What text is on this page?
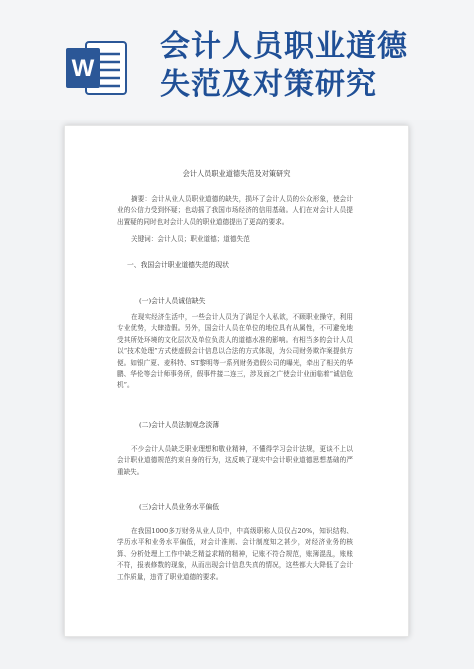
W
会计人员职业道德
失范及对策研究
会计人员职业道德失范及对策研究

摘要：会计从业人员职业道德的缺失，损坏了会计人员的公众形象，使会计业的公信力受到怀疑；也动摇了我国市场经济的信用基础。人们在对会计人员提出置疑的同时也对会计人员的职业道德提出了更高的要求。

关键词：会计人员；职业道德；道德失范

一、我国会计职业道德失范的现状
(一)会计人员诚信缺失

在现实经济生活中，一些会计人员为了满足个人私欲，不顾职业操守，利用专业优势，大肆造假。另外，国会计人员在单位的地位具有从属性，不可避免地受其所处环境的文化层次及单位负责人的道德水准的影响。有相当多的会计人员以“技术处理”方式使虚假会计信息以合法的方式体现，为公司财务欺诈案提供方便。如银广夏、麦科特、ST黎明等一系列财务造假公司的曝光，牵出了相关的华鹏、华伦等会计师事务所，假事件接二连三，涉及面之广使会计业面临着“诚信危机”。

(二)会计人员法制观念淡薄

不少会计人员缺乏职业理想和敬业精神，不懂得学习会计法规，更谈不上以会计职业道德规范约束自身的行为，这反映了现实中会计职业道德思想基础的严重缺失。

(三)会计人员业务水平偏低

在我国1000多万财务从业人员中，中高级职称人员仅占20%，知识结构、学历水平和业务水平偏低，对会计准则、会计制度知之甚少，对经济业务的核算、分析处理上工作中缺乏精益求精的精神，记账不符合规范，账簿混乱，账账不符，报表修数的现象，从而出现会计信息失真的情况，这些都大大降低了会计工作质量，违背了职业道德的要求。
